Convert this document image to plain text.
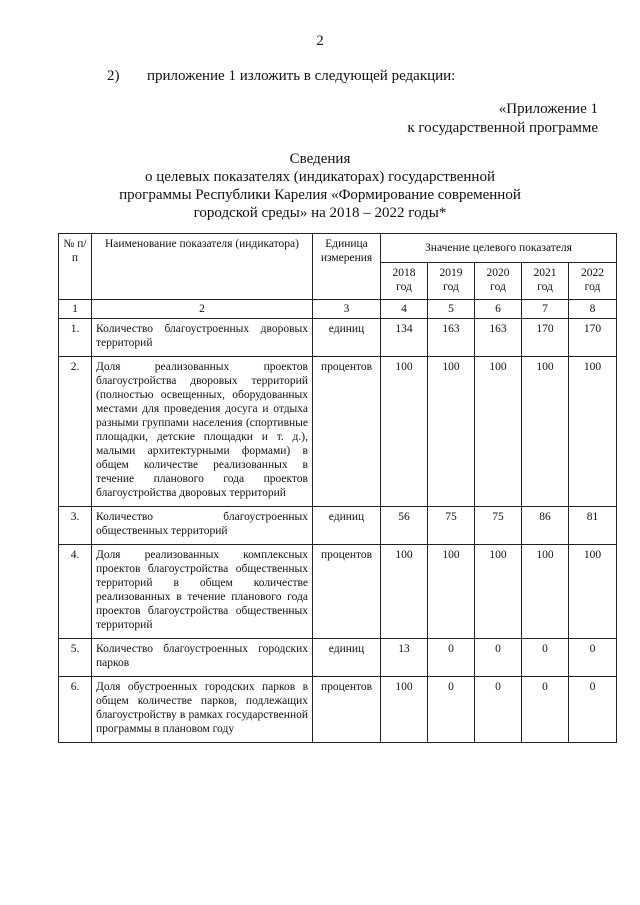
2
2) приложение 1 изложить в следующей редакции:
«Приложение 1
к государственной программе
Сведения
о целевых показателях (индикаторах) государственной
программы Республики Карелия «Формирование современной
городской среды» на 2018 – 2022 годы*
№ п/п	Наименование показателя (индикатора)	Единица измерения	Значение целевого показателя				
			2018 год	2019 год	2020 год	2021 год	2022 год
1	2	3	4	5	6	7	8
1.	Количество благоустроенных дворовых территорий	единиц	134	163	163	170	170
2.	Доля реализованных проектов благоустройства дворовых территорий (полностью освещенных, оборудованных местами для проведения досуга и отдыха разными группами населения (спортивные площадки, детские площадки и т. д.), малыми архитектурными формами) в общем количестве реализованных в течение планового года проектов благоустройства дворовых территорий	процентов	100	100	100	100	100
3.	Количество благоустроенных общественных территорий	единиц	56	75	75	86	81
4.	Доля реализованных комплексных проектов благоустройства общественных территорий в общем количестве реализованных в течение планового года проектов благоустройства общественных территорий	процентов	100	100	100	100	100
5.	Количество благоустроенных городских парков	единиц	13	0	0	0	0
6.	Доля обустроенных городских парков в общем количестве парков, подлежащих благоустройству в рамках государственной программы в плановом году	процентов	100	0	0	0	0
